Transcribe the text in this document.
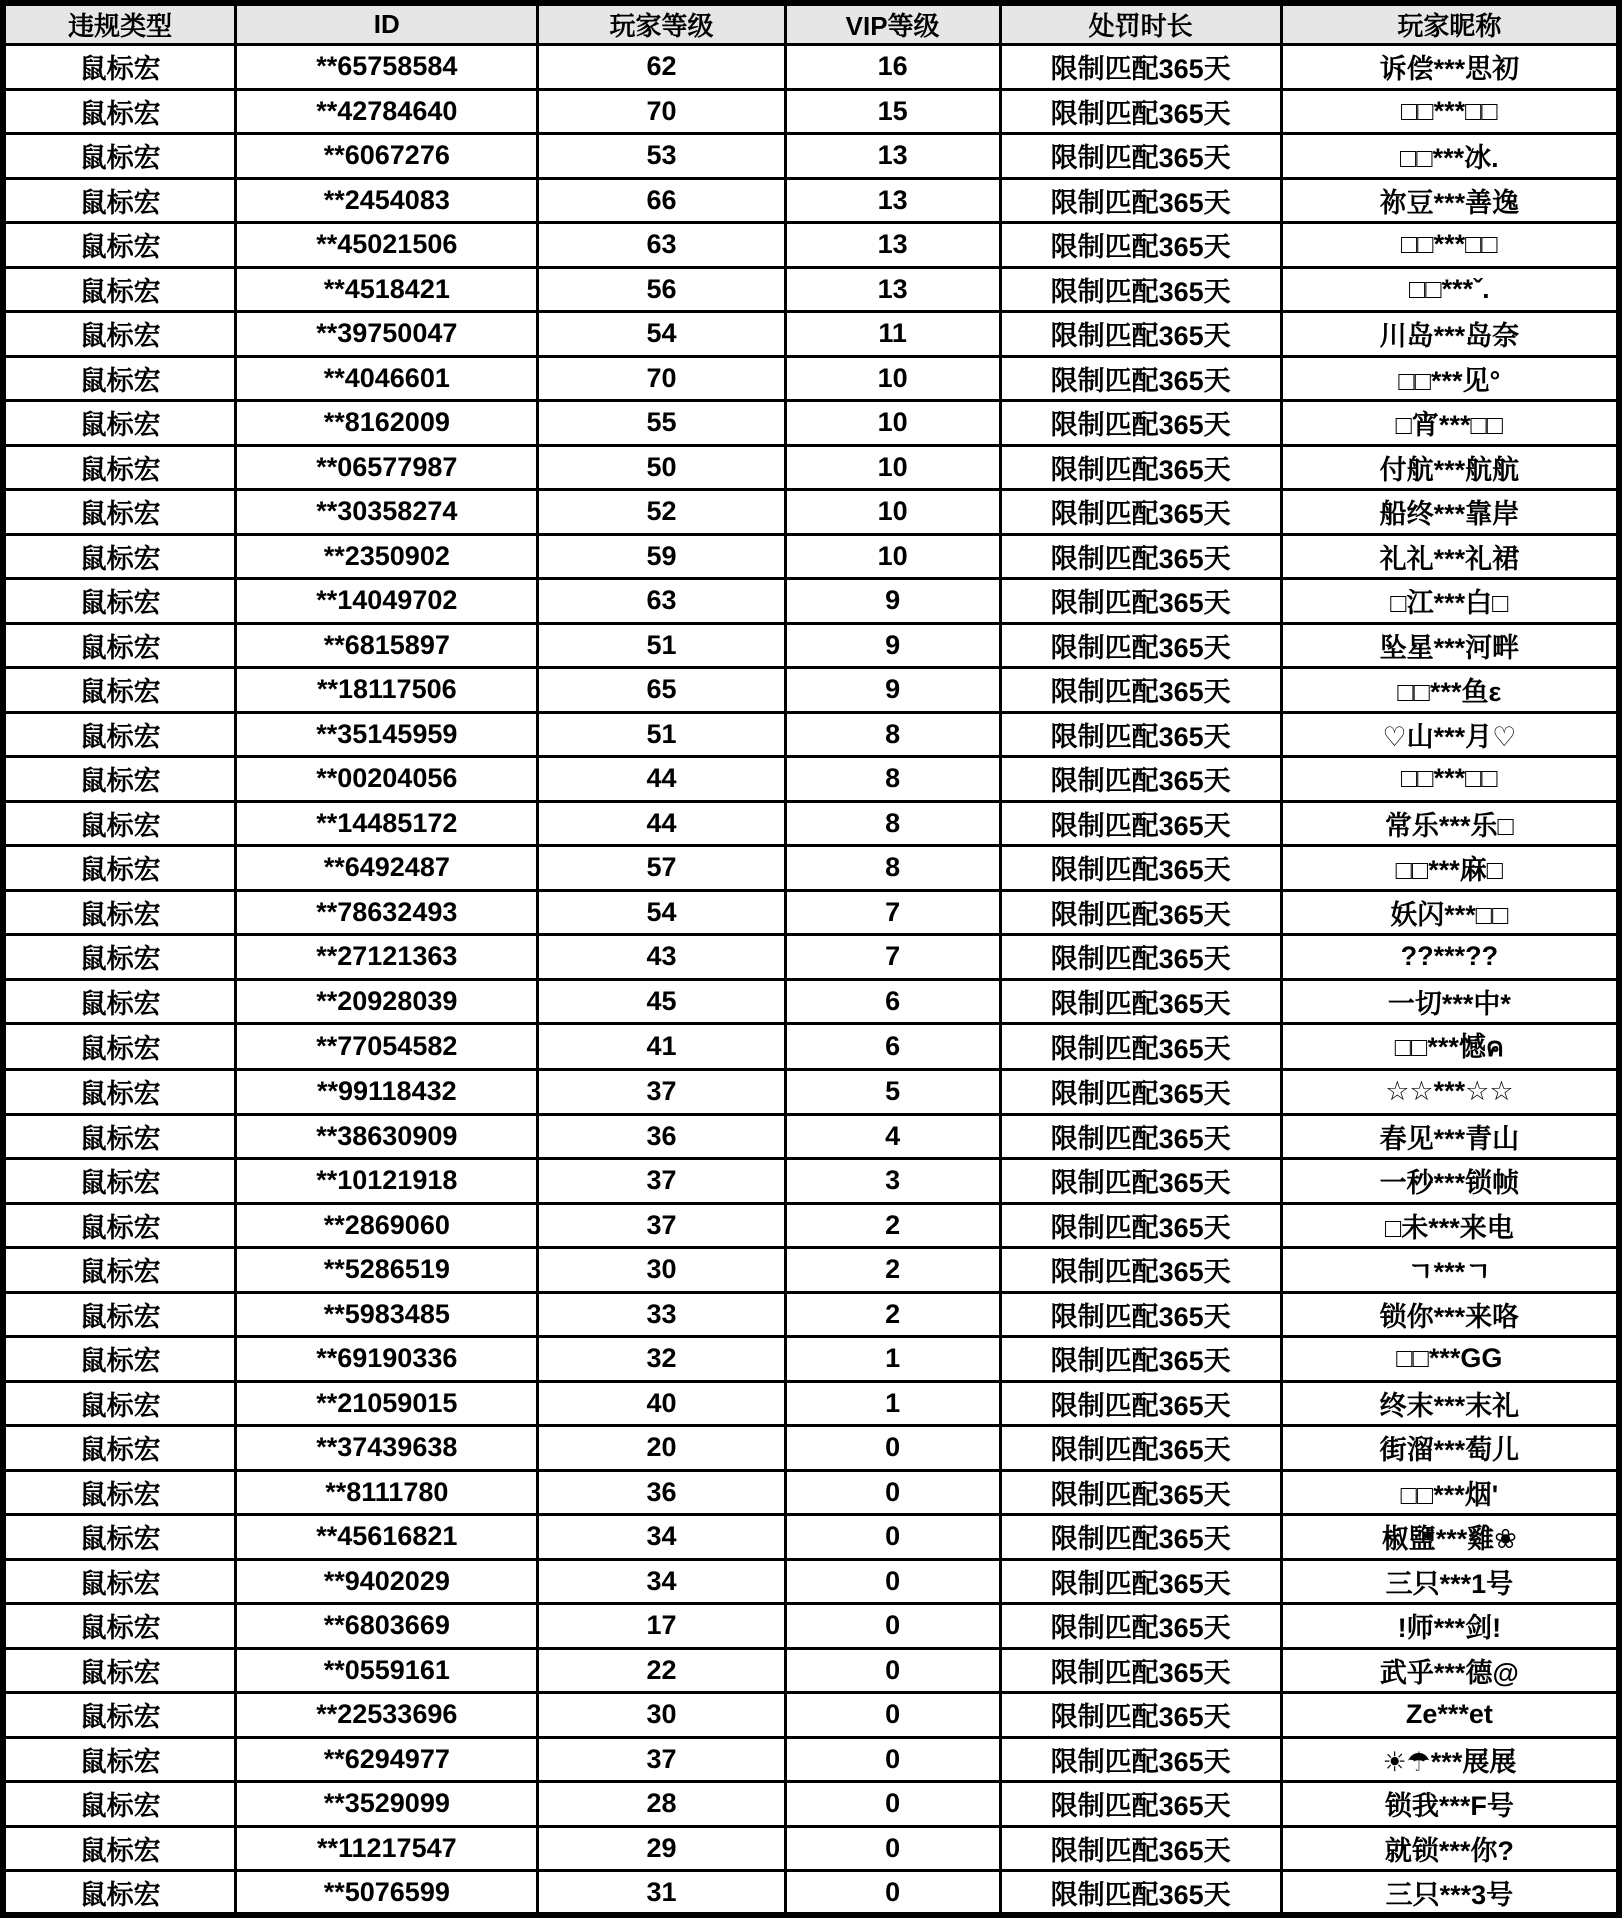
违规类型	ID	玩家等级	VIP等级	处罚时长	玩家昵称
鼠标宏	**65758584	62	16	限制匹配365天	诉偿***思初
鼠标宏	**42784640	70	15	限制匹配365天	□□***□□
鼠标宏	**6067276	53	13	限制匹配365天	□□***冰.
鼠标宏	**2454083	66	13	限制匹配365天	祢豆***善逸
鼠标宏	**45021506	63	13	限制匹配365天	□□***□□
鼠标宏	**4518421	56	13	限制匹配365天	□□***ˇ.
鼠标宏	**39750047	54	11	限制匹配365天	川岛***岛奈
鼠标宏	**4046601	70	10	限制匹配365天	□□***见°
鼠标宏	**8162009	55	10	限制匹配365天	□宵***□□
鼠标宏	**06577987	50	10	限制匹配365天	付航***航航
鼠标宏	**30358274	52	10	限制匹配365天	船终***靠岸
鼠标宏	**2350902	59	10	限制匹配365天	礼礼***礼裙
鼠标宏	**14049702	63	9	限制匹配365天	□江***白□
鼠标宏	**6815897	51	9	限制匹配365天	坠星***河畔
鼠标宏	**18117506	65	9	限制匹配365天	□□***鱼ε
鼠标宏	**35145959	51	8	限制匹配365天	♡山***月♡
鼠标宏	**00204056	44	8	限制匹配365天	□□***□□
鼠标宏	**14485172	44	8	限制匹配365天	常乐***乐□
鼠标宏	**6492487	57	8	限制匹配365天	□□***麻□
鼠标宏	**78632493	54	7	限制匹配365天	妖闪***□□
鼠标宏	**27121363	43	7	限制匹配365天	??***??
鼠标宏	**20928039	45	6	限制匹配365天	一切***中*
鼠标宏	**77054582	41	6	限制匹配365天	□□***憾ค
鼠标宏	**99118432	37	5	限制匹配365天	☆☆***☆☆
鼠标宏	**38630909	36	4	限制匹配365天	春见***青山
鼠标宏	**10121918	37	3	限制匹配365天	一秒***锁帧
鼠标宏	**2869060	37	2	限制匹配365天	□未***来电
鼠标宏	**5286519	30	2	限制匹配365天	ㄱ***ㄱ
鼠标宏	**5983485	33	2	限制匹配365天	锁你***来咯
鼠标宏	**69190336	32	1	限制匹配365天	□□***GG
鼠标宏	**21059015	40	1	限制匹配365天	终末***末礼
鼠标宏	**37439638	20	0	限制匹配365天	街溜***萄儿
鼠标宏	**8111780	36	0	限制匹配365天	□□***烟'
鼠标宏	**45616821	34	0	限制匹配365天	椒鹽***雞❀
鼠标宏	**9402029	34	0	限制匹配365天	三只***1号
鼠标宏	**6803669	17	0	限制匹配365天	!师***剑!
鼠标宏	**0559161	22	0	限制匹配365天	武乎***德@
鼠标宏	**22533696	30	0	限制匹配365天	Ze***et
鼠标宏	**6294977	37	0	限制匹配365天	☀☂***展展
鼠标宏	**3529099	28	0	限制匹配365天	锁我***F号
鼠标宏	**11217547	29	0	限制匹配365天	就锁***你?
鼠标宏	**5076599	31	0	限制匹配365天	三只***3号
